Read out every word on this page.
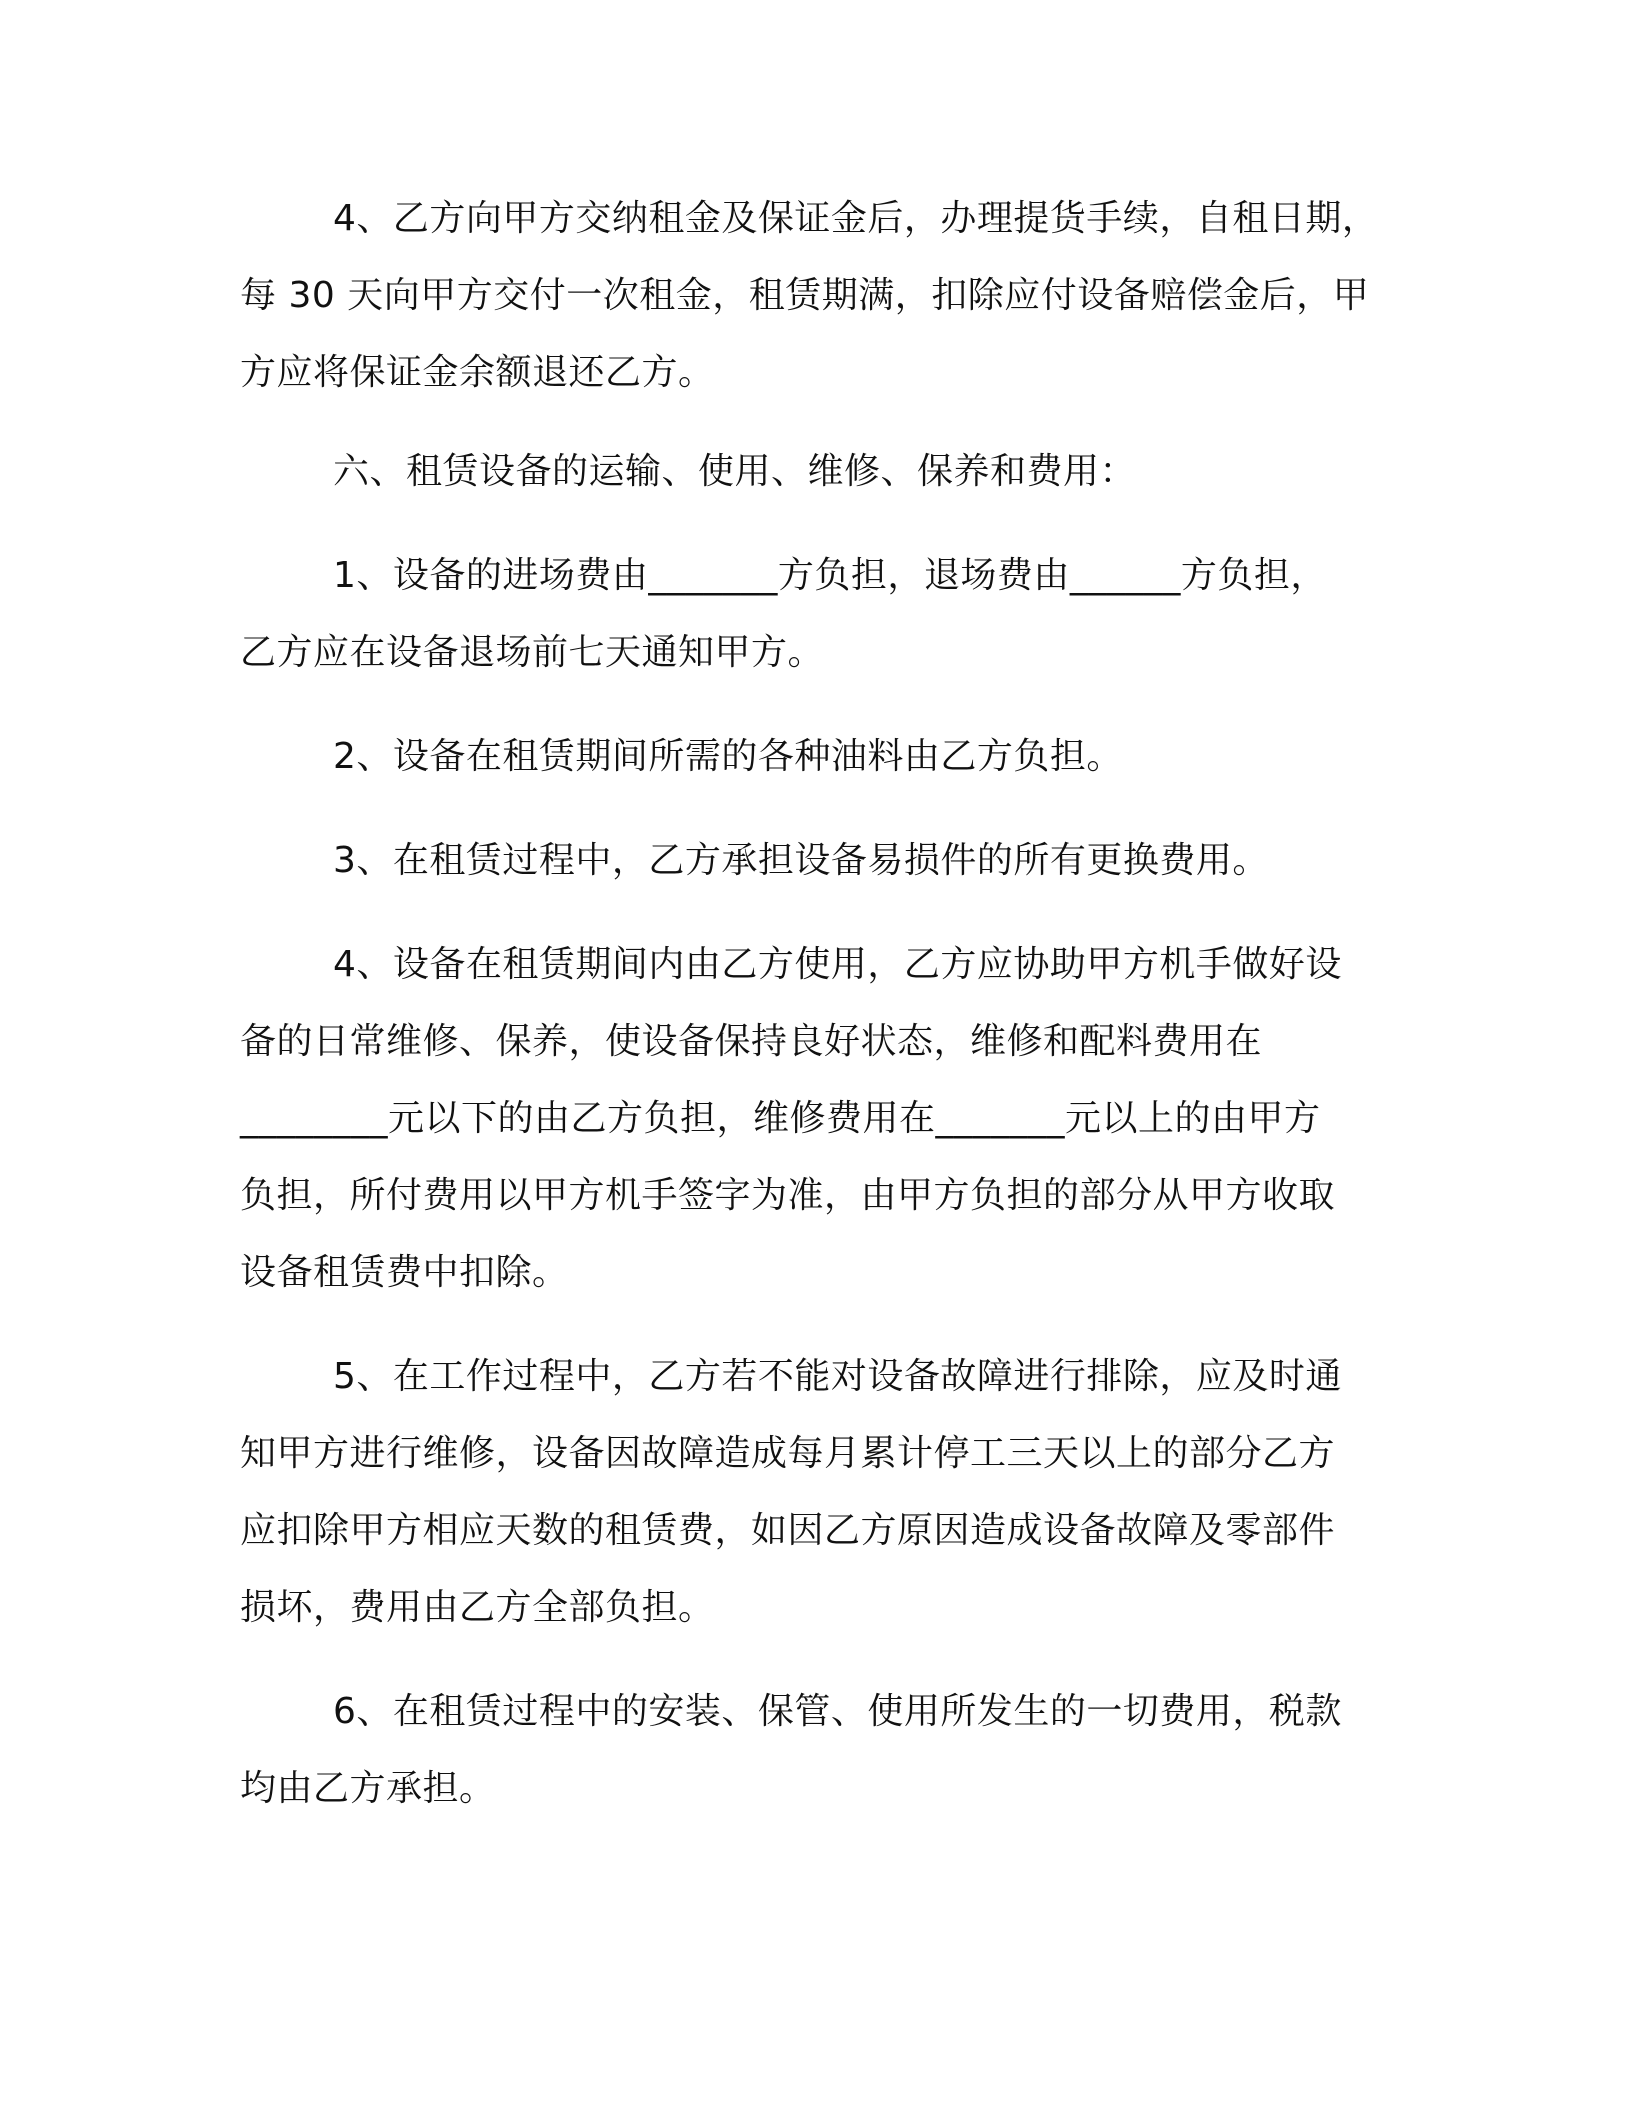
4、乙方向甲方交纳租金及保证金后，办理提货手续，自租日期，
每 30 天向甲方交付一次租金，租赁期满，扣除应付设备赔偿金后，甲
方应将保证金余额退还乙方。
六、租赁设备的运输、使用、维修、保养和费用：
1、设备的进场费由_______方负担，退场费由______方负担，
乙方应在设备退场前七天通知甲方。
2、设备在租赁期间所需的各种油料由乙方负担。
3、在租赁过程中，乙方承担设备易损件的所有更换费用。
4、设备在租赁期间内由乙方使用，乙方应协助甲方机手做好设
备的日常维修、保养，使设备保持良好状态，维修和配料费用在
________元以下的由乙方负担，维修费用在_______元以上的由甲方
负担，所付费用以甲方机手签字为准，由甲方负担的部分从甲方收取
设备租赁费中扣除。
5、在工作过程中，乙方若不能对设备故障进行排除，应及时通
知甲方进行维修，设备因故障造成每月累计停工三天以上的部分乙方
应扣除甲方相应天数的租赁费，如因乙方原因造成设备故障及零部件
损坏，费用由乙方全部负担。
6、在租赁过程中的安装、保管、使用所发生的一切费用，税款
均由乙方承担。
